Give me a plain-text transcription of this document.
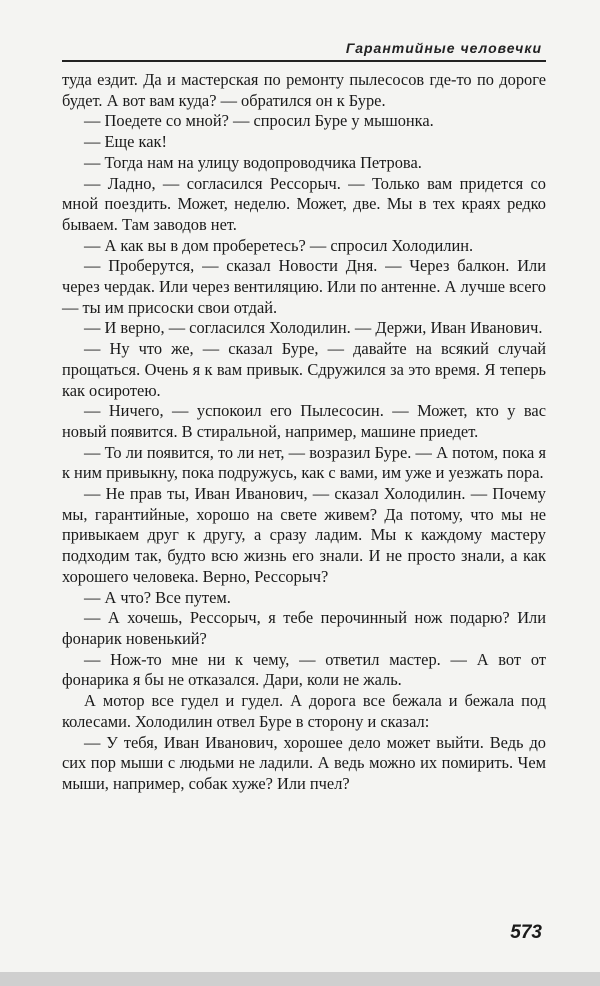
Гарантийные человечки

туда ездит. Да и мастерская по ремонту пылесосов где-то по дороге будет. А вот вам куда? — обратился он к Буре.

— Поедете со мной? — спросил Буре у мышонка.

— Еще как!

— Тогда нам на улицу водопроводчика Петрова.

— Ладно, — согласился Рессорыч. — Только вам придется со мной поездить. Может, неделю. Может, две. Мы в тех краях редко бываем. Там заводов нет.

— А как вы в дом проберетесь? — спросил Холодилин.

— Проберутся, — сказал Новости Дня. — Через балкон. Или через чердак. Или через вентиляцию. Или по антенне. А лучше всего — ты им присоски свои отдай.

— И верно, — согласился Холодилин. — Держи, Иван Иванович.

— Ну что же, — сказал Буре, — давайте на всякий случай прощаться. Очень я к вам привык. Сдружился за это время. Я теперь как осиротею.

— Ничего, — успокоил его Пылесосин. — Может, кто у вас новый появится. В стиральной, например, машине приедет.

— То ли появится, то ли нет, — возразил Буре. — А потом, пока я к ним привыкну, пока подружусь, как с вами, им уже и уезжать пора.

— Не прав ты, Иван Иванович, — сказал Холодилин. — Почему мы, гарантийные, хорошо на свете живем? Да потому, что мы не привыкаем друг к другу, а сразу ладим. Мы к каждому мастеру подходим так, будто всю жизнь его знали. И не просто знали, а как хорошего человека. Верно, Рессорыч?

— А что? Все путем.

— А хочешь, Рессорыч, я тебе перочинный нож подарю? Или фонарик новенький?

— Нож-то мне ни к чему, — ответил мастер. — А вот от фонарика я бы не отказался. Дари, коли не жаль.

А мотор все гудел и гудел. А дорога все бежала и бежала под колесами. Холодилин отвел Буре в сторону и сказал:

— У тебя, Иван Иванович, хорошее дело может выйти. Ведь до сих пор мыши с людьми не ладили. А ведь можно их помирить. Чем мыши, например, собак хуже? Или пчел?

573
